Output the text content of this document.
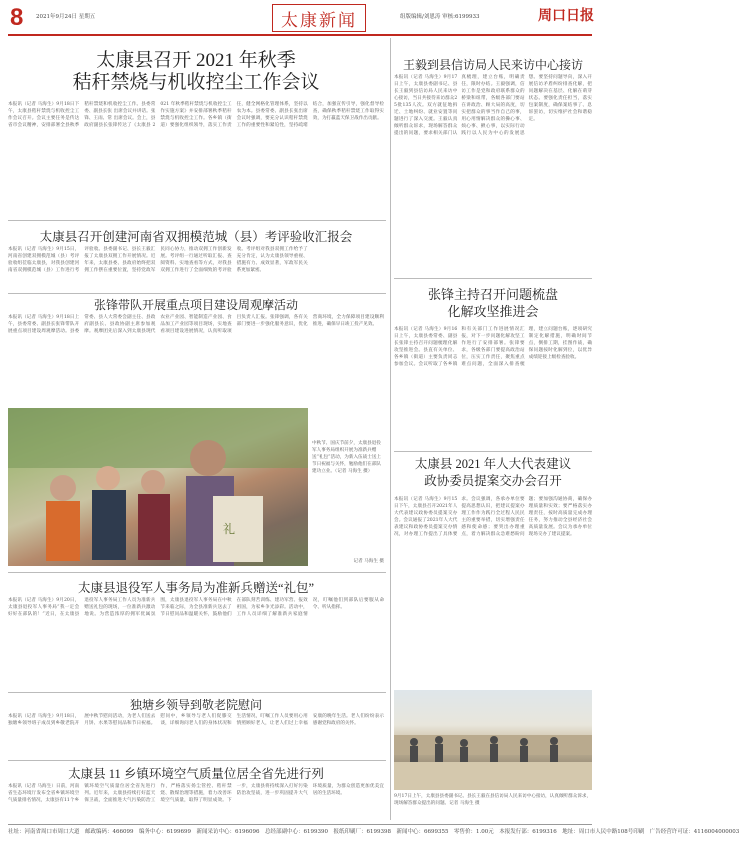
8 2021年9月24日 星期五	太康新闻	组版编辑/刘恩涛 审核:6199933	周口日报
太康县召开 2021 年秋季
秸秆禁烧与机收控尘工作会议
本报讯（记者 马海生）9月18日下午，太康县秸秆禁烧与机收控尘工作会议召开。会议主要任务是传达省市会议精神，安排部署全县秋季秸秆禁烧和机收控尘工作。县委常委、副县长张 出席会议并讲话。张锋、王雨、常 出席会议。会上，县政府副县长张锋传达了《太康县 2021 年秋季秸秆禁烧与机收控尘工作实施方案》并安排部署秋季秸秆禁烧与机收控尘工作。各乡镇（街道）要强化组织领导，落实工作责任，健全网格化管理体系，坚持以农为本。县委常委、副县长张出席会议时强调，要充分认识秸秆禁烧工作的重要性和紧迫性，坚持疏堵结合，加强宣传引导，强化督导检查，确保秋季秸秆禁烧工作取得实效，为打赢蓝天保卫战作出贡献。
王毅到县信访局人民来访中心接访
本报讯（记者 马海生）9月17日上午，太康县委副书记、县长王毅到县信访局人民来访中心接访，当日共接待来访群众25批135人次。双方就征地拆迁、土地纠纷、就业安置等问题进行了深入交流。王毅认真倾听群众诉求，现场解答群众提出的问题，要求相关部门认真梳理，建立台账，明确责任，限时办结。王毅强调，信访工作是党和政府联系群众的桥梁和纽带，各级各部门要站在讲政治、顾大局的高度，切实把群众的事当作自己的事，用心用情解决群众的操心事、烦心事、揪心事，以实际行动践行以人民为中心的发展思想。要坚持问题导向，深入开展信访矛盾纠纷排查化解，把问题解决在基层、化解在萌芽状态。要强化责任担当，落实包案制度，确保案结事了、息诉罢访，切实维护社会和谐稳定。
太康县召开创建河南省双拥模范城（县）考评验收汇报会
本报讯（记者 马海生）9月15日，河南省创建双拥模范城（县）考评验收组莅临太康县，对我县创建河南省双拥模范城（县）工作进行考评验收。县委副书记、县长王毅汇报了太康县双拥工作开展情况。近年来，太康县委、县政府始终把双拥工作摆在重要位置，坚持党政军民同心协力，推动双拥工作创新发展。考评组一行通过听取汇报、查阅资料、实地查看等方式，对我县双拥工作进行了全面细致的考评验收。考评组对我县双拥工作给予了充分肯定，认为太康县领导重视、措施有力、成效显著，军政军民关系更加紧密。
张锋带队开展重点项目建设周观摩活动
本报讯（记者 马海生）9月18日上午，县委常委、副县长张锋带队开展重点项目建设周观摩活动。县委常委、县人大常委会副主任、县政府副县长、县政协副主席参加观摩。观摩团先后深入到太康县现代农业产业园、智能制造产业园、食品加工产业园等项目现场，实地查看项目建设进展情况，认真听取项目负责人汇报。张锋强调，各有关部门要进一步强化服务意识，优化营商环境，全力保障项目建设顺利推进，确保早日竣工投产见效。
张锋主持召开问题梳盘
化解攻坚推进会
本报讯（记者 马海生）9月16日上午，太康县委常委、副县长张锋主持召开问题梳理化解攻坚推进会。县直有关单位、各乡镇（街道）主要负责同志参加会议。会议听取了各乡镇和有关部门工作进展情况汇报，对下一步问题化解攻坚工作进行了安排部署。张锋要求，各级各部门要提高政治站位，压实工作责任，聚焦重点难点问题，全面深入排查梳理，建立问题台账，逐项研究制定化解措施，明确时间节点，倒排工期，挂图作战，确保问题按时化解到位，以优异成绩迎接上级检查验收。
礼
中秋节、国庆节前夕，太康县退役军人事务局组织开展为准新兵赠送“礼包”活动，为新入伍战士送上节日祝福与关怀，勉励他们在部队建功立业。（记者 马海生 摄）
记者 马海生 摄
太康县退役军人事务局为准新兵赠送“礼包”
本报讯（记者 马海生）9月20日，太康县退役军人事务局“我一定会好好在部队的！”近日，在太康县退役军人事务局工作人员为准新兵赠送礼包的现场，一位准新兵激动地说。为营造浓厚的拥军优属氛围，太康县退役军人事务局在中秋节来临之际，为全县准新兵送去了节日慰问品和温暖关怀，鼓励他们在部队刻苦训练、建功军营、报效祖国，为家乡争光添彩。活动中，工作人员详细了解准新兵家庭情况，叮嘱他们到部队后要服从命令、听从指挥。
太康县 2021 年人大代表建议
政协委员提案交办会召开
本报讯（记者 马海生）9月15日下午，太康县召开2021年人大代表建议政协委员提案交办会。会议通报了2021年人大代表建议和政协委员提案交办情况，对办理工作提出了具体要求。会议强调，各承办单位要提高思想认识，把建议提案办理工作作为践行全过程人民民主的重要举措，切实增强责任感和使命感；要突出办理重点，着力解决群众急难愁盼问题；要加强沟通协商，确保办理质量和实效；要严格落实办理责任，按时高质量完成办理任务，努力推动全县经济社会高质量发展。会议为承办单位现场交办了建议提案。
独塘乡领导到敬老院慰问
本报讯（记者 马海生）9月18日，独塘乡领导班子成员到乡敬老院开展中秋节慰问活动，为老人们送去月饼、水果等慰问品和节日祝福。慰问中，乡领导与老人们促膝交谈，详细询问老人们的身体状况和生活情况，叮嘱工作人员要用心用情照顾好老人，让老人们过上幸福安康的晚年生活。老人们纷纷表示感谢党和政府的关怀。
太康县 11 乡镇环境空气质量位居全省先进行列
本报讯（记者 马海生）日前，河南省生态环境厅发布全省乡镇环境空气质量排名情况，太康县有11个乡镇环境空气质量位居全省先进行列。近年来，太康县持续打好蓝天保卫战，全面推进大气污染防治工作，严格落实扬尘管控、秸秆禁烧、散煤治理等措施，着力改善环境空气质量，取得了明显成效。下一步，太康县将持续深入打好污染防治攻坚战，进一步巩固提升大气环境质量，为群众创造更加优美宜居的生活环境。
9月17日上午，太康县县委副书记、县长王毅在县信访局人民来访中心接访，认真倾听群众诉求，现场解答群众提出的问题。记者 马海生 摄
社址：河南省周口市周口大道　邮政编码：466099　编务中心：6199699　新闻采访中心：6196096　总经部副中心：6199390　报纸印刷厂：6199398　新闻中心：6699355　零售价：1.00元　本报发行部：6199316　地址：周口市人民中路108号印刷　广告经营许可证：4116004000003
